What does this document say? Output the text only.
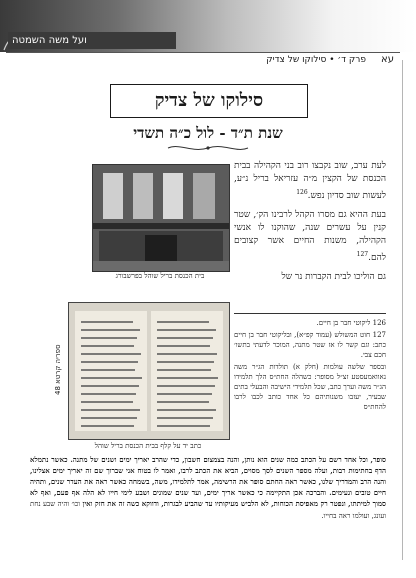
ועל משה השמטה
עא
פרק ד׳ • סילוקו של צדיק
סילוקו של צדיק
שנת ת״ד - לול כ״ה תשדי
בית הכנסת בריל שוהל בפרשבורג

לעת ערב, שוב נקבצו רוב בני הקהילה בבית הכנסת של הקצין מ״ה עזריאל בריל נ״ע, לעשות שוב סדיון נפש.$^{126}$

בעת ההיא גם מסרו הקהל לרבינו הק׳, שטר קנין על עשרים שנה, שהוקנו לו אנשי הקהילה, משנות החיים אשר קצובים להם.$^{127}$

גם הוליכו לבית הקברות נר של

126 ליקוטי חבר בן חיים.

127 חוט המשולש (עמוד קפ״א), ובליקוטי חבר בן חיים כתב: וגם קשר לו אז שטר מתנה, המוכר לדעתי בתשו׳ חכם צבי.

ובספר שלשה עולמות (חלק א) תולדות הג״ר משה נאוואמעסטע זצ״ל מסופר: כשהלה החת״ס הלך תלמידו הג״ר משה וערך כתב, שכל תלמידי הישיבה והבעלי בתים שבעיר, יעזבו משנותיהם כל אחד כותב לכבו לרבו להחת״ס

ספריה קרטא 48
כתב יד על קלף בבית הכנסת בריל שוהל
סופר, וכל אחד רשם על הכתב כמה שנים הוא נותן, והנה בצמצום חשבון, כדי שהרב יאריך ימים ושנים של מתנה. כאשר נתמלא הדף בחתימות רבות, ועלה מספר השנים לסך מסוים, הביא את הכתב לרבו, ואמר לו בטוח אני שברוך שם זה יאריך ימים אצלינו, והנה הרב והמדריך שלנו, כאשר ראה החתם סופר את הרשימה, אמר לתלמידו, משה, בשמחה כאשר ראה את העדר שנים, ותהיה חיים טובים ונעימים. והברכה אכן התקיימה כי כאשר אריך ימים, ועד שנים שמונים ושבע לימי חייו לא הלה אף פעם, ואף לא סמוך למיתתו, ונפטר רק מאפיסת הכוחות, לא הלביש מעיקותיו עד שהביע לבגרות, ודווקא כשה זה את חזק ואין וכו׳ והיה שבע נחת ועונג, ועולמו ראה בחייו.
